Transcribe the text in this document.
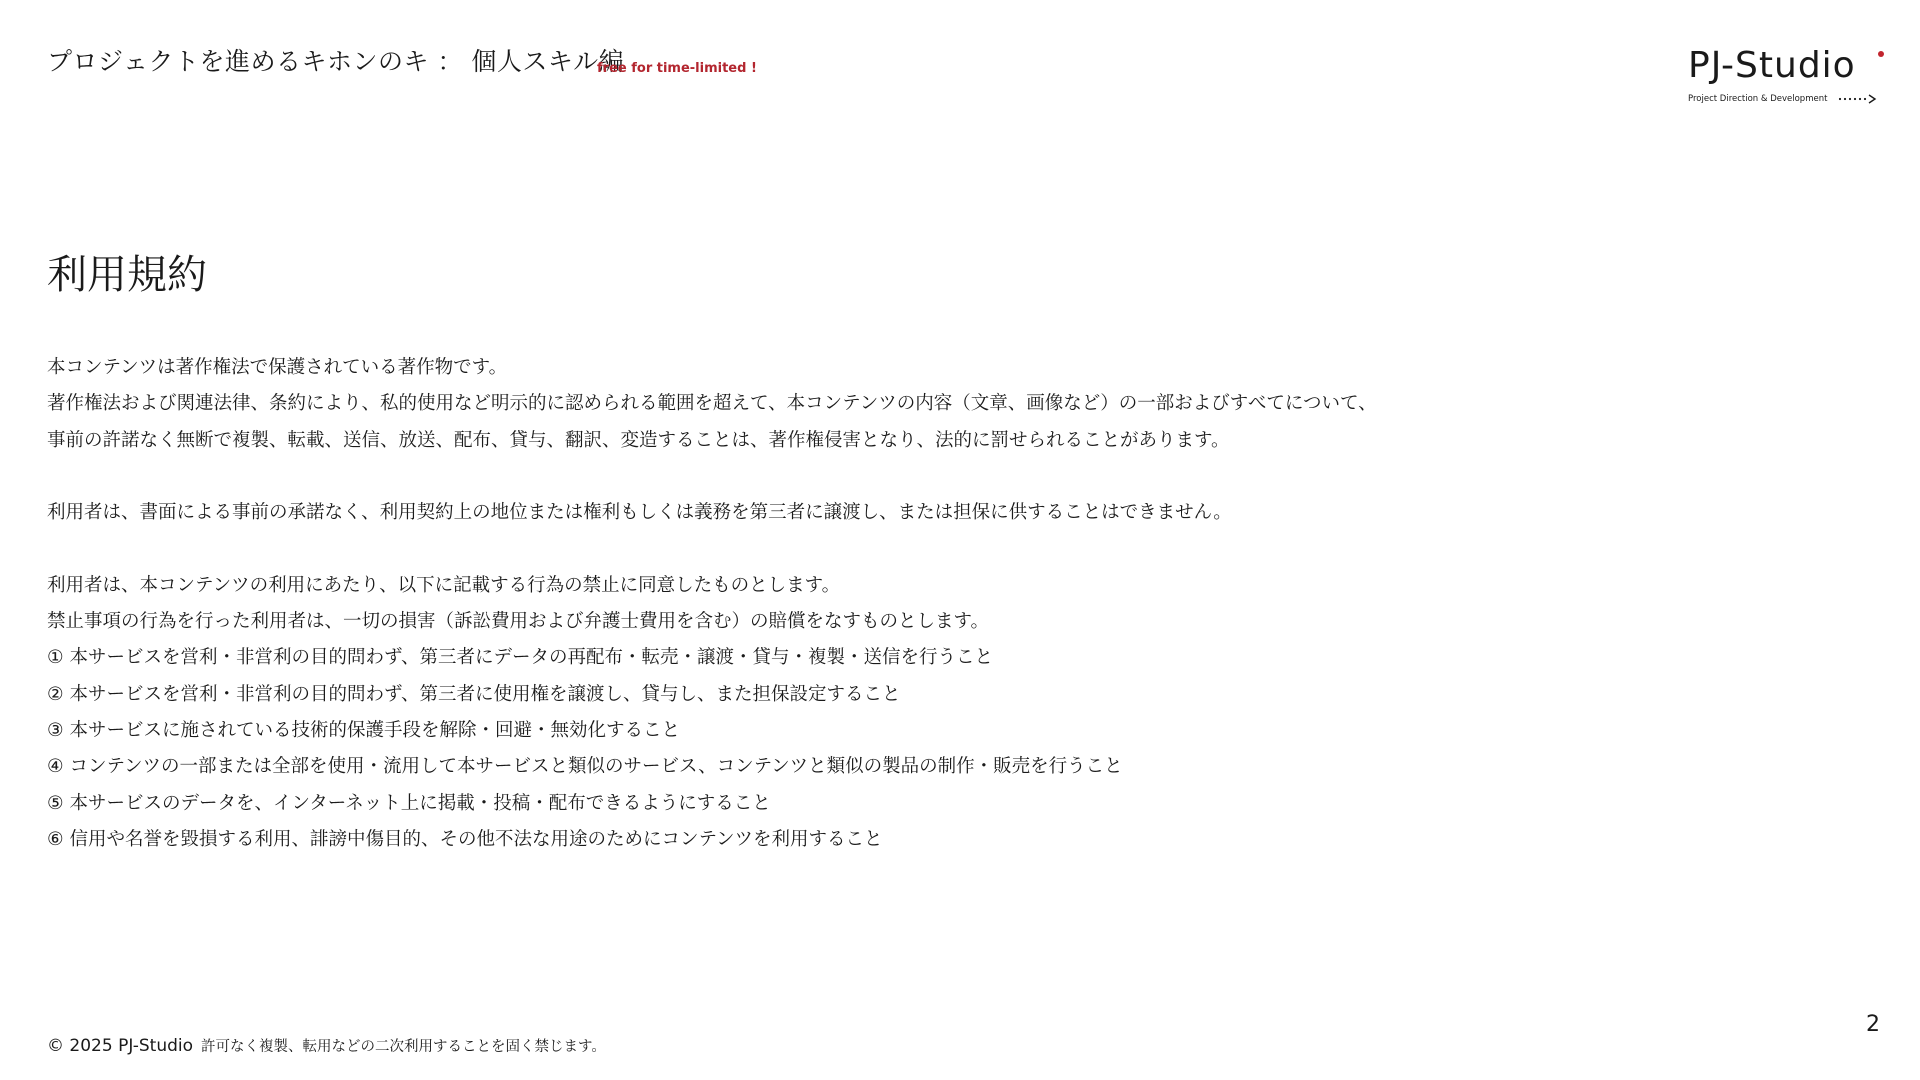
プロジェクトを進めるキホンのキ ： 個人スキル編
free for time-limited !	PJ-Studio
Project Direction & Development
利用規約
本コンテンツは著作権法で保護されている著作物です。
著作権法および関連法律、条約により、私的使用など明示的に認められる範囲を超えて、本コンテンツの内容（文章、画像など）の一部およびすべてについて、
事前の許諾なく無断で複製、転載、送信、放送、配布、貸与、翻訳、変造することは、著作権侵害となり、法的に罰せられることがあります。
利用者は、書面による事前の承諾なく、利用契約上の地位または権利もしくは義務を第三者に譲渡し、または担保に供することはできません。
利用者は、本コンテンツの利用にあたり、以下に記載する行為の禁止に同意したものとします。
禁止事項の行為を行った利用者は、一切の損害（訴訟費用および弁護士費用を含む）の賠償をなすものとします。
① 本サービスを営利・非営利の目的問わず、第三者にデータの再配布・転売・譲渡・貸与・複製・送信を行うこと
② 本サービスを営利・非営利の目的問わず、第三者に使用権を譲渡し、貸与し、また担保設定すること
③ 本サービスに施されている技術的保護手段を解除・回避・無効化すること
④ コンテンツの一部または全部を使用・流用して本サービスと類似のサービス、コンテンツと類似の製品の制作・販売を行うこと
⑤ 本サービスのデータを、インターネット上に掲載・投稿・配布できるようにすること
⑥ 信用や名誉を毀損する利用、誹謗中傷目的、その他不法な用途のためにコンテンツを利用すること
© 2025 PJ-Studio 許可なく複製、転用などの二次利用することを固く禁じます。
2
